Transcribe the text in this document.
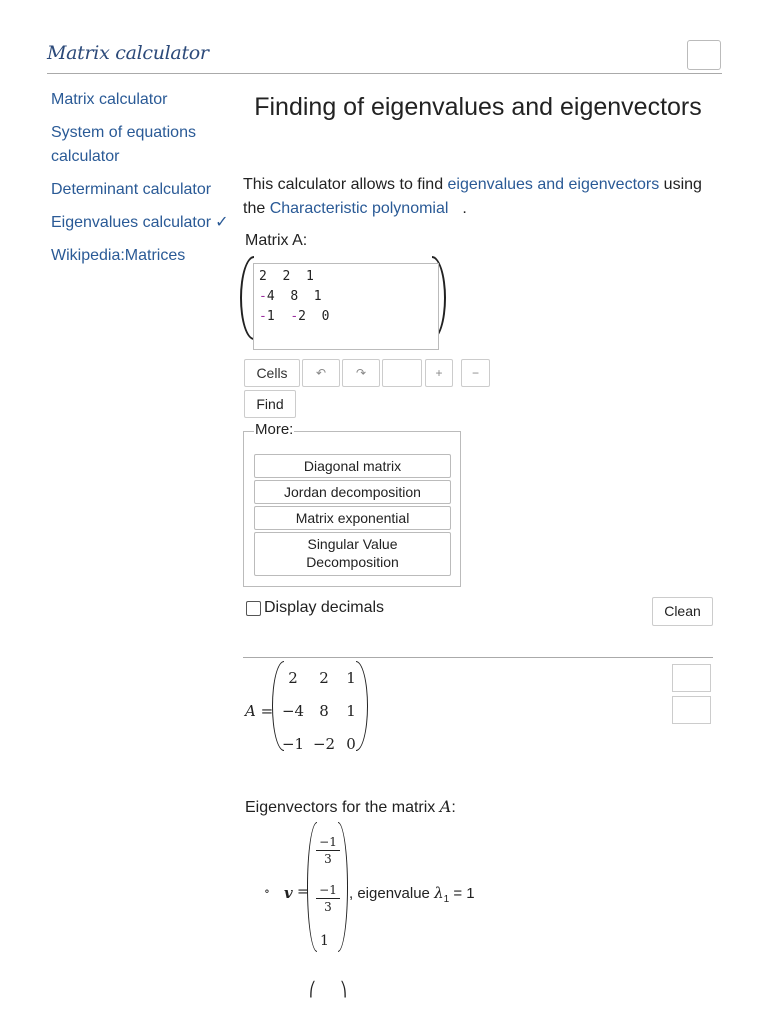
Matrix calculator
Matrix calculator
System of equations calculator
Determinant calculator
Eigenvalues calculator ✓
Wikipedia:Matrices
Finding of eigenvalues and eigenvectors
This calculator allows to find eigenvalues and eigenvectors using the Characteristic polynomial .
Matrix A:
2 2 1
-4 8 1
-1 -2 0
Cells	↶	↷	+	−
Find
More:
Diagonal matrix
Jordan decomposition
Matrix exponential
Singular Value Decomposition
Display decimals	Clean
A =
2	2	1
−4	8	1
−1 −2 0
Eigenvectors for the matrix A:
∘ v =
$\frac{-1}{3}$
$\frac{-1}{3}$
1
, eigenvalue $\lambda_1 = 1$
⎛ ⎞
